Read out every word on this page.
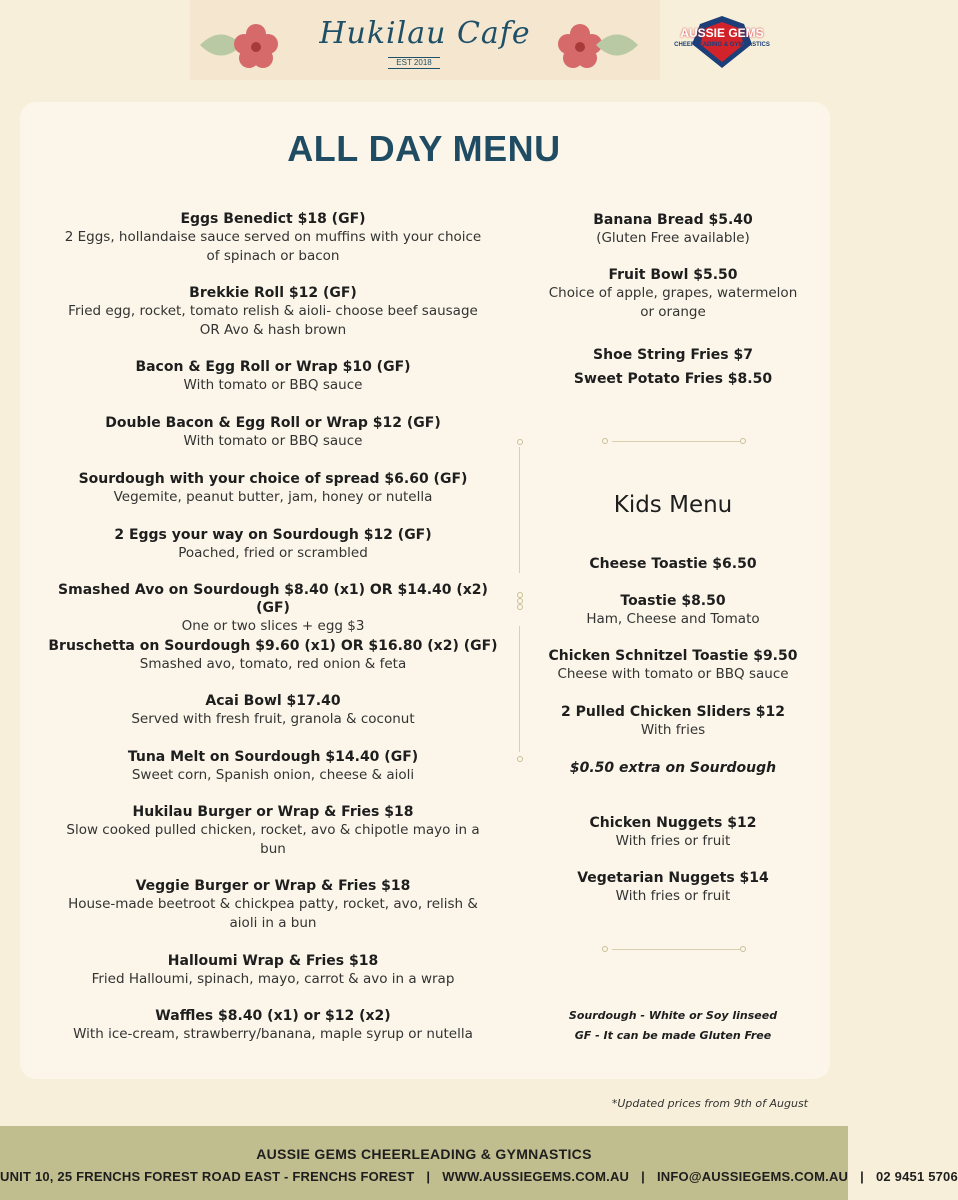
Hukilau Cafe
EST 2018
AUSSIE GEMS
CHEERLEADING & GYMNASTICS
ALL DAY MENU
Eggs Benedict $18 (GF)
2 Eggs, hollandaise sauce served on muffins with your choice
of spinach or bacon
Brekkie Roll $12 (GF)
Fried egg, rocket, tomato relish & aioli- choose beef sausage
OR Avo & hash brown
Bacon & Egg Roll or Wrap $10 (GF)
With tomato or BBQ sauce
Double Bacon & Egg Roll or Wrap $12 (GF)
With tomato or BBQ sauce
Sourdough with your choice of spread $6.60 (GF)
Vegemite, peanut butter, jam, honey or nutella
2 Eggs your way on Sourdough $12 (GF)
Poached, fried or scrambled
Smashed Avo on Sourdough $8.40 (x1) OR $14.40 (x2) (GF)
One or two slices + egg $3
Bruschetta on Sourdough $9.60 (x1) OR $16.80 (x2) (GF)
Smashed avo, tomato, red onion & feta
Acai Bowl $17.40
Served with fresh fruit, granola & coconut
Tuna Melt on Sourdough $14.40 (GF)
Sweet corn, Spanish onion, cheese & aioli
Hukilau Burger or Wrap & Fries $18
Slow cooked pulled chicken, rocket, avo & chipotle mayo in a
bun
Veggie Burger or Wrap & Fries $18
House-made beetroot & chickpea patty, rocket, avo, relish &
aioli in a bun
Halloumi Wrap & Fries $18
Fried Halloumi, spinach, mayo, carrot & avo in a wrap
Waffles $8.40 (x1) or $12 (x2)
With ice-cream, strawberry/banana, maple syrup or nutella
Banana Bread $5.40
(Gluten Free available)
Fruit Bowl $5.50
Choice of apple, grapes, watermelon
or orange
Shoe String Fries $7
Sweet Potato Fries $8.50
Cheese Toastie $6.50
Toastie $8.50
Ham, Cheese and Tomato
Chicken Schnitzel Toastie $9.50
Cheese with tomato or BBQ sauce
2 Pulled Chicken Sliders $12
With fries
Chicken Nuggets $12
With fries or fruit
Vegetarian Nuggets $14
With fries or fruit
Kids Menu
$0.50 extra on Sourdough
Sourdough - White or Soy linseed
GF - It can be made Gluten Free
*Updated prices from 9th of August
AUSSIE GEMS CHEERLEADING & GYMNASTICS
UNIT 10, 25 FRENCHS FOREST ROAD EAST - FRENCHS FOREST | WWW.AUSSIEGEMS.COM.AU | INFO@AUSSIEGEMS.COM.AU | 02 9451 5706
